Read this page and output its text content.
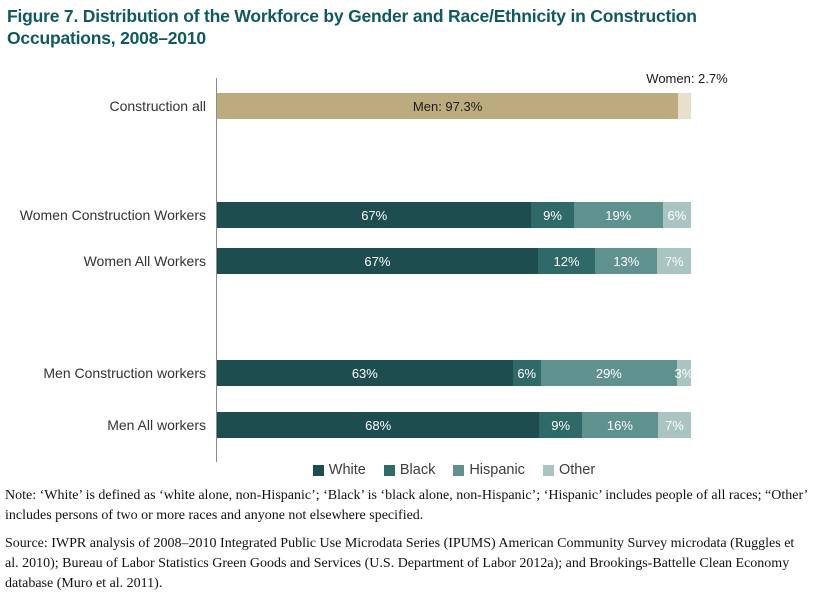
Figure 7. Distribution of the Workforce by Gender and Race/Ethnicity in Construction Occupations, 2008–2010
Women: 2.7%
Construction all	Men: 97.3%
Women Construction Workers	67%	9%	19%	6%
Women All Workers	67%	12%	13% 7%
Men Construction workers	63%	6%	29%	3%
Men All workers	68%	9%	16% 7%
White Black Hispanic Other
Note: ‘White’ is defined as ‘white alone, non-Hispanic’; ‘Black’ is ‘black alone, non-Hispanic’; ‘Hispanic’ includes people of all races; “Other’ includes persons of two or more races and anyone not elsewhere specified.
Source: IWPR analysis of 2008–2010 Integrated Public Use Microdata Series (IPUMS) American Community Survey microdata (Ruggles et al. 2010); Bureau of Labor Statistics Green Goods and Services (U.S. Department of Labor 2012a); and Brookings-Battelle Clean Economy database (Muro et al. 2011).
